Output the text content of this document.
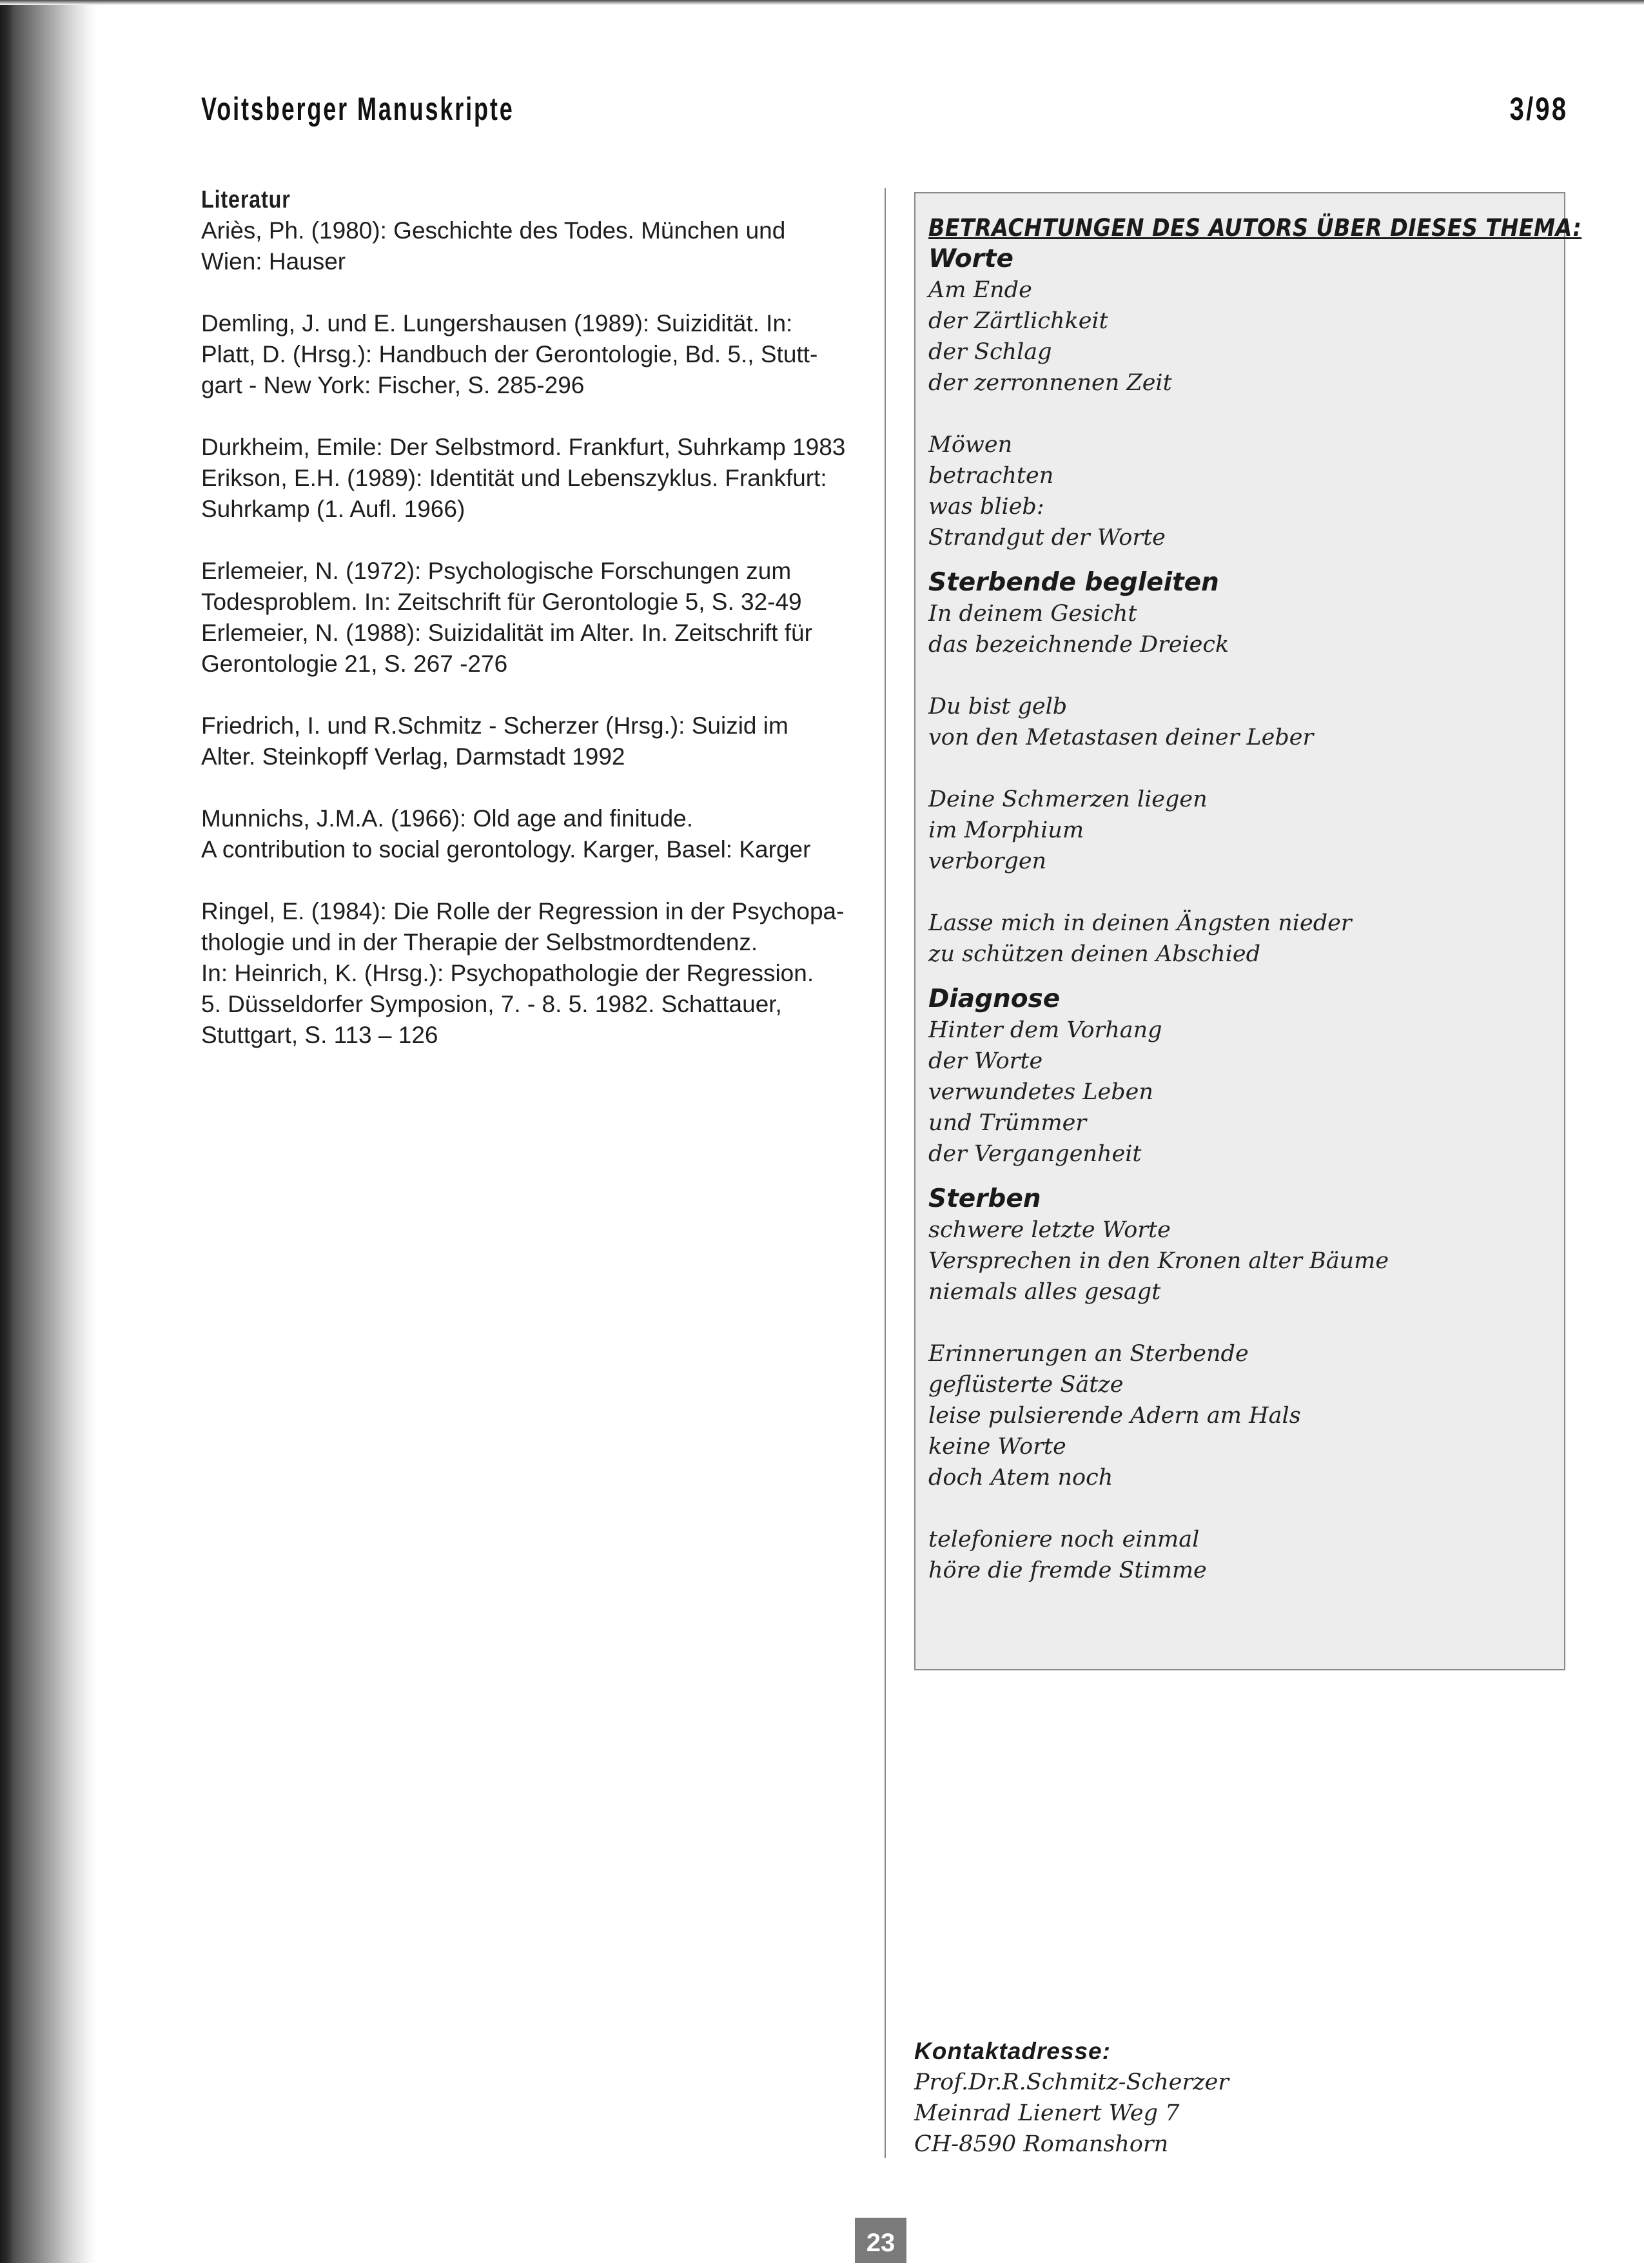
Voitsberger Manuskripte	3/98
Literatur
Ariès, Ph. (1980): Geschichte des Todes. München und
Wien: Hauser
Demling, J. und E. Lungershausen (1989): Suizidität. In:
Platt, D. (Hrsg.): Handbuch der Gerontologie, Bd. 5., Stutt-
gart - New York: Fischer, S. 285-296
Durkheim, Emile: Der Selbstmord. Frankfurt, Suhrkamp 1983
Erikson, E.H. (1989): Identität und Lebenszyklus. Frankfurt:
Suhrkamp (1. Aufl. 1966)
Erlemeier, N. (1972): Psychologische Forschungen zum
Todesproblem. In: Zeitschrift für Gerontologie 5, S. 32-49
Erlemeier, N. (1988): Suizidalität im Alter. In. Zeitschrift für
Gerontologie 21, S. 267 -276
Friedrich, I. und R.Schmitz - Scherzer (Hrsg.): Suizid im
Alter. Steinkopff Verlag, Darmstadt 1992
Munnichs, J.M.A. (1966): Old age and finitude.
A contribution to social gerontology. Karger, Basel: Karger
Ringel, E. (1984): Die Rolle der Regression in der Psychopa-
thologie und in der Therapie der Selbstmordtendenz.
In: Heinrich, K. (Hrsg.): Psychopathologie der Regression.
5. Düsseldorfer Symposion, 7. - 8. 5. 1982. Schattauer,
Stuttgart, S. 113 – 126
BETRACHTUNGEN DES AUTORS ÜBER DIESES THEMA:
Worte
Am Ende
der Zärtlichkeit
der Schlag
der zerronnenen Zeit
Möwen
betrachten
was blieb:
Strandgut der Worte
Sterbende begleiten
In deinem Gesicht
das bezeichnende Dreieck
Du bist gelb
von den Metastasen deiner Leber
Deine Schmerzen liegen
im Morphium
verborgen
Lasse mich in deinen Ängsten nieder
zu schützen deinen Abschied
Diagnose
Hinter dem Vorhang
der Worte
verwundetes Leben
und Trümmer
der Vergangenheit
Sterben
schwere letzte Worte
Versprechen in den Kronen alter Bäume
niemals alles gesagt
Erinnerungen an Sterbende
geflüsterte Sätze
leise pulsierende Adern am Hals
keine Worte
doch Atem noch
telefoniere noch einmal
höre die fremde Stimme
Kontaktadresse:
Prof.Dr.R.Schmitz-Scherzer
Meinrad Lienert Weg 7
CH-8590 Romanshorn
23
